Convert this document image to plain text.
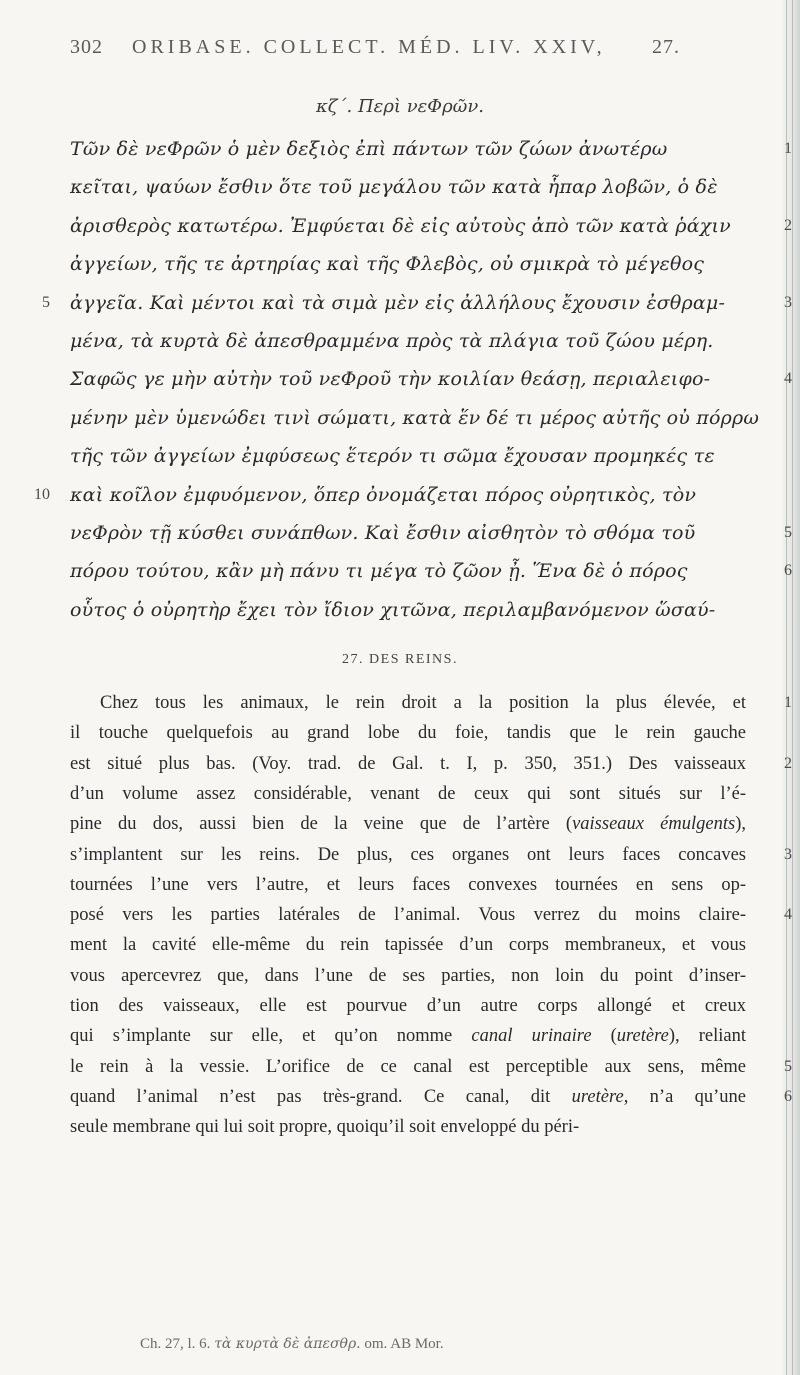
302 ORIBASE. COLLECT. MÉD. LIV. XXIV, 27.
κζ΄. Περὶ νεΦρῶν.
Τῶν δὲ νεΦρῶν ὁ μὲν δεξιὸς ἐπὶ πάντων τῶν ζώων ἀνωτέρω
κεῖται, ψαύων ἔσθιν ὅτε τοῦ μεγάλου τῶν κατὰ ἧπαρ λοβῶν, ὁ δὲ
ἀρισθερὸς κατωτέρω. Ἐμφύεται δὲ εἰς αὐτοὺς ἀπὸ τῶν κατὰ ῥάχιν
ἀγγείων, τῆς τε ἀρτηρίας καὶ τῆς Φλεβὸς, οὐ σμικρὰ τὸ μέγεθος
ἀγγεῖα. Καὶ μέντοι καὶ τὰ σιμὰ μὲν εἰς ἀλλήλους ἔχουσιν ἐσθραμ-
μένα, τὰ κυρτὰ δὲ ἀπεσθραμμένα πρὸς τὰ πλάγια τοῦ ζώου μέρη.
Σαφῶς γε μὴν αὐτὴν τοῦ νεΦροῦ τὴν κοιλίαν θεάσῃ, περιαλειφο-
μένην μὲν ὑμενώδει τινὶ σώματι, κατὰ ἕν δέ τι μέρος αὐτῆς οὐ πόρρω
τῆς τῶν ἀγγείων ἐμφύσεως ἕτερόν τι σῶμα ἔχουσαν προμηκές τε
καὶ κοῖλον ἐμφυόμενον, ὅπερ ὀνομάζεται πόρος οὐρητικὸς, τὸν
νεΦρὸν τῇ κύσθει συνάπθων. Καὶ ἔσθιν αἰσθητὸν τὸ σθόμα τοῦ
πόρου τούτου, κἂν μὴ πάνυ τι μέγα τὸ ζῶον ᾖ. Ἕνα δὲ ὁ πόρος
οὗτος ὁ οὐρητὴρ ἔχει τὸν ἴδιον χιτῶνα, περιλαμβανόμενον ὥσαύ-
5
10
1
2
3
4
5
6
27. DES REINS.
Chez tous les animaux, le rein droit a la position la plus élevée, et
il touche quelquefois au grand lobe du foie, tandis que le rein gauche
est situé plus bas. (Voy. trad. de Gal. t. I, p. 350, 351.) Des vaisseaux
d’un volume assez considérable, venant de ceux qui sont situés sur l’é-
pine du dos, aussi bien de la veine que de l’artère (vaisseaux émulgents),
s’implantent sur les reins. De plus, ces organes ont leurs faces concaves
tournées l’une vers l’autre, et leurs faces convexes tournées en sens op-
posé vers les parties latérales de l’animal. Vous verrez du moins claire-
ment la cavité elle-même du rein tapissée d’un corps membraneux, et vous
vous apercevrez que, dans l’une de ses parties, non loin du point d’inser-
tion des vaisseaux, elle est pourvue d’un autre corps allongé et creux
qui s’implante sur elle, et qu’on nomme canal urinaire (uretère), reliant
le rein à la vessie. L’orifice de ce canal est perceptible aux sens, même
quand l’animal n’est pas très-grand. Ce canal, dit uretère, n’a qu’une
seule membrane qui lui soit propre, quoiqu’il soit enveloppé du péri-
1
2
3
4
5
6
Ch. 27, l. 6. τὰ κυρτὰ δὲ ἀπεσθρ. om. AB Mor.
